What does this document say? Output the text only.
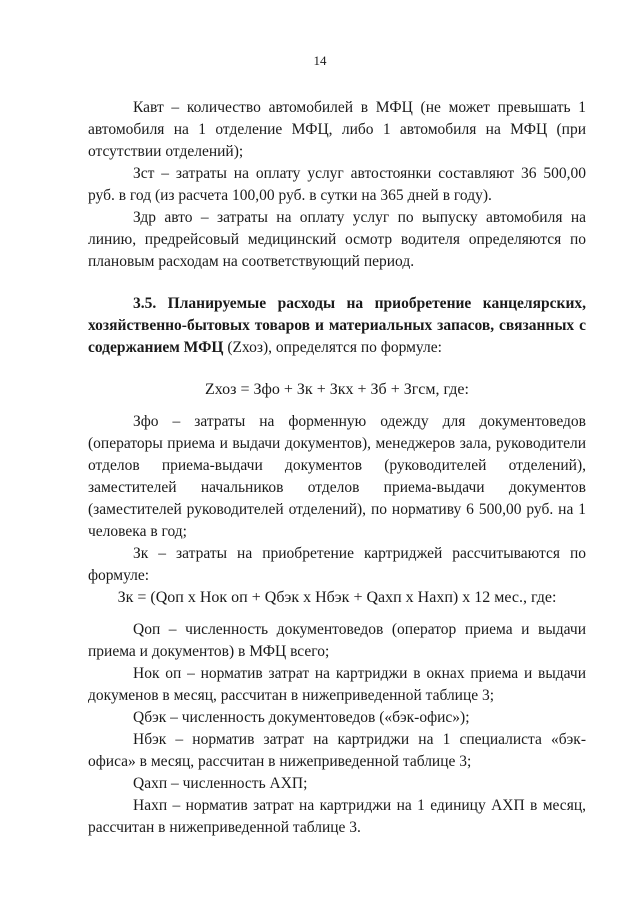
14

Кавт – количество автомобилей в МФЦ (не может превышать 1 автомобиля на 1 отделение МФЦ, либо 1 автомобиля на МФЦ (при отсутствии отделений);

Зст – затраты на оплату услуг автостоянки составляют 36 500,00 руб. в год (из расчета 100,00 руб. в сутки на 365 дней в году).

Здр авто – затраты на оплату услуг по выпуску автомобиля на линию, предрейсовый медицинский осмотр водителя определяются по плановым расходам на соответствующий период.

3.5. Планируемые расходы на приобретение канцелярских, хозяйственно-бытовых товаров и материальных запасов, связанных с содержанием МФЦ (Zхоз), определятся по формуле:

Zхоз = Зфо + Зк + Зкх + Зб + Згсм, где:

Зфо – затраты на форменную одежду для документоведов (операторы приема и выдачи документов), менеджеров зала, руководители отделов приема-выдачи документов (руководителей отделений), заместителей начальников отделов приема-выдачи документов (заместителей руководителей отделений), по нормативу 6 500,00 руб. на 1 человека в год;

Зк – затраты на приобретение картриджей рассчитываются по формуле:

Зк = (Qоп х Нок оп + Qбэк х Нбэк + Qахп х Нахп) х 12 мес., где:

Qоп – численность документоведов (оператор приема и выдачи приема и документов) в МФЦ всего;

Нок оп – норматив затрат на картриджи в окнах приема и выдачи докуменов в месяц, рассчитан в нижеприведенной таблице 3;

Qбэк – численность документоведов («бэк-офис»);

Нбэк – норматив затрат на картриджи на 1 специалиста «бэк-офиса» в месяц, рассчитан в нижеприведенной таблице 3;

Qахп – численность АХП;

Нахп – норматив затрат на картриджи на 1 единицу АХП в месяц, рассчитан в нижеприведенной таблице 3.
